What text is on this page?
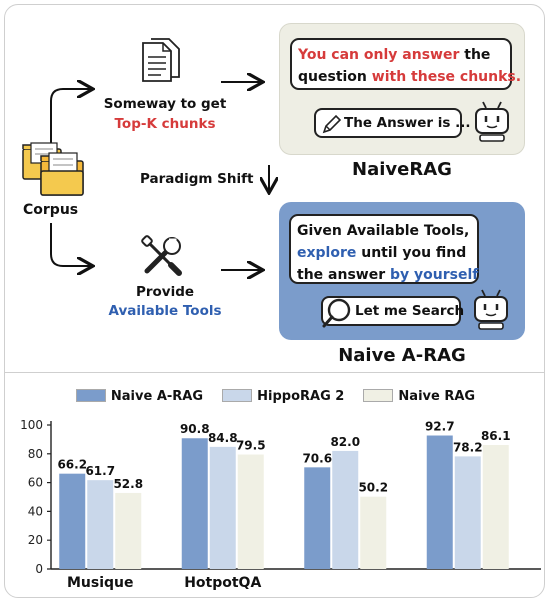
Corpus
Someway to get
Top-K chunks
Provide
Available Tools
Paradigm Shift
You can only answer the
question with these chunks.
The Answer is ...
NaiveRAG
Given Available Tools,
explore until you find
the answer by yourself
Let me Search
Naive A-RAG
Naive A-RAG	HippoRAG 2	Naive RAG
0
20
40
60
80
100
66.2
61.7
52.8
Musique
90.8
84.8
79.5
HotpotQA
70.6
82.0
50.2
92.7
78.2
86.1
